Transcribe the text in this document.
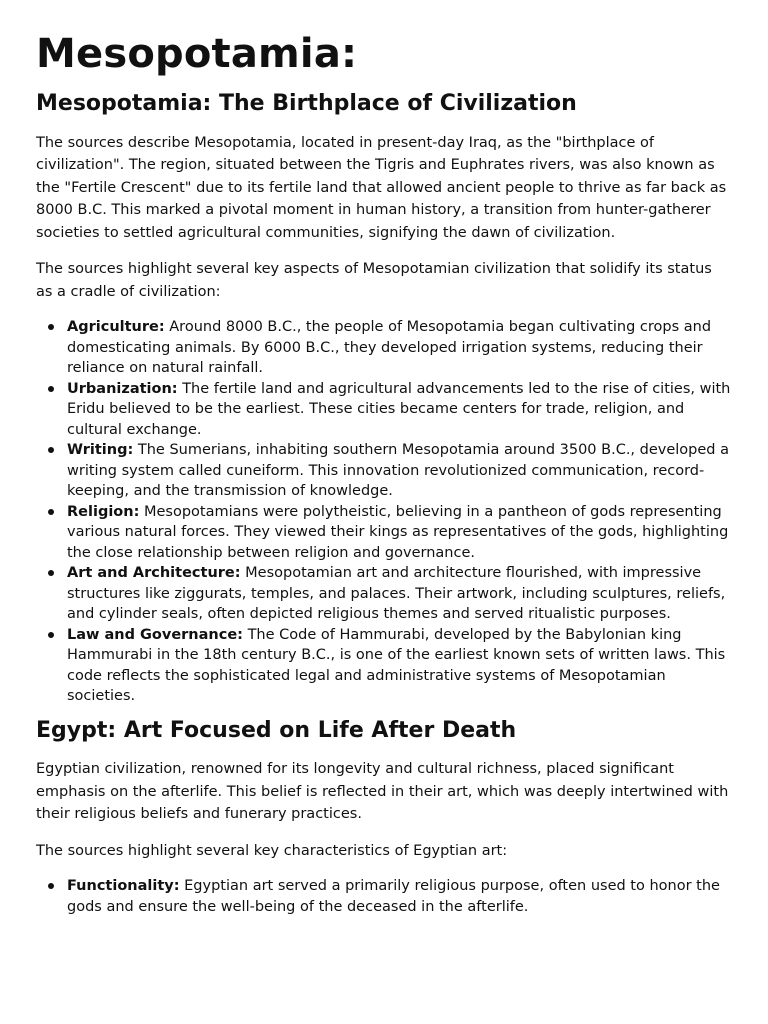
Mesopotamia:
Mesopotamia: The Birthplace of Civilization

The sources describe Mesopotamia, located in present-day Iraq, as the "birthplace of civilization". The region, situated between the Tigris and Euphrates rivers, was also known as the "Fertile Crescent" due to its fertile land that allowed ancient people to thrive as far back as 8000 B.C. This marked a pivotal moment in human history, a transition from hunter-gatherer societies to settled agricultural communities, signifying the dawn of civilization.

The sources highlight several key aspects of Mesopotamian civilization that solidify its status as a cradle of civilization:

Agriculture: Around 8000 B.C., the people of Mesopotamia began cultivating crops and domesticating animals. By 6000 B.C., they developed irrigation systems, reducing their reliance on natural rainfall.
Urbanization: The fertile land and agricultural advancements led to the rise of cities, with Eridu believed to be the earliest. These cities became centers for trade, religion, and cultural exchange.
Writing: The Sumerians, inhabiting southern Mesopotamia around 3500 B.C., developed a writing system called cuneiform. This innovation revolutionized communication, record-keeping, and the transmission of knowledge.
Religion: Mesopotamians were polytheistic, believing in a pantheon of gods representing various natural forces. They viewed their kings as representatives of the gods, highlighting the close relationship between religion and governance.
Art and Architecture: Mesopotamian art and architecture flourished, with impressive structures like ziggurats, temples, and palaces. Their artwork, including sculptures, reliefs, and cylinder seals, often depicted religious themes and served ritualistic purposes.
Law and Governance: The Code of Hammurabi, developed by the Babylonian king Hammurabi in the 18th century B.C., is one of the earliest known sets of written laws. This code reflects the sophisticated legal and administrative systems of Mesopotamian societies.
Egypt: Art Focused on Life After Death

Egyptian civilization, renowned for its longevity and cultural richness, placed significant emphasis on the afterlife. This belief is reflected in their art, which was deeply intertwined with their religious beliefs and funerary practices.

The sources highlight several key characteristics of Egyptian art:

Functionality: Egyptian art served a primarily religious purpose, often used to honor the gods and ensure the well-being of the deceased in the afterlife.
